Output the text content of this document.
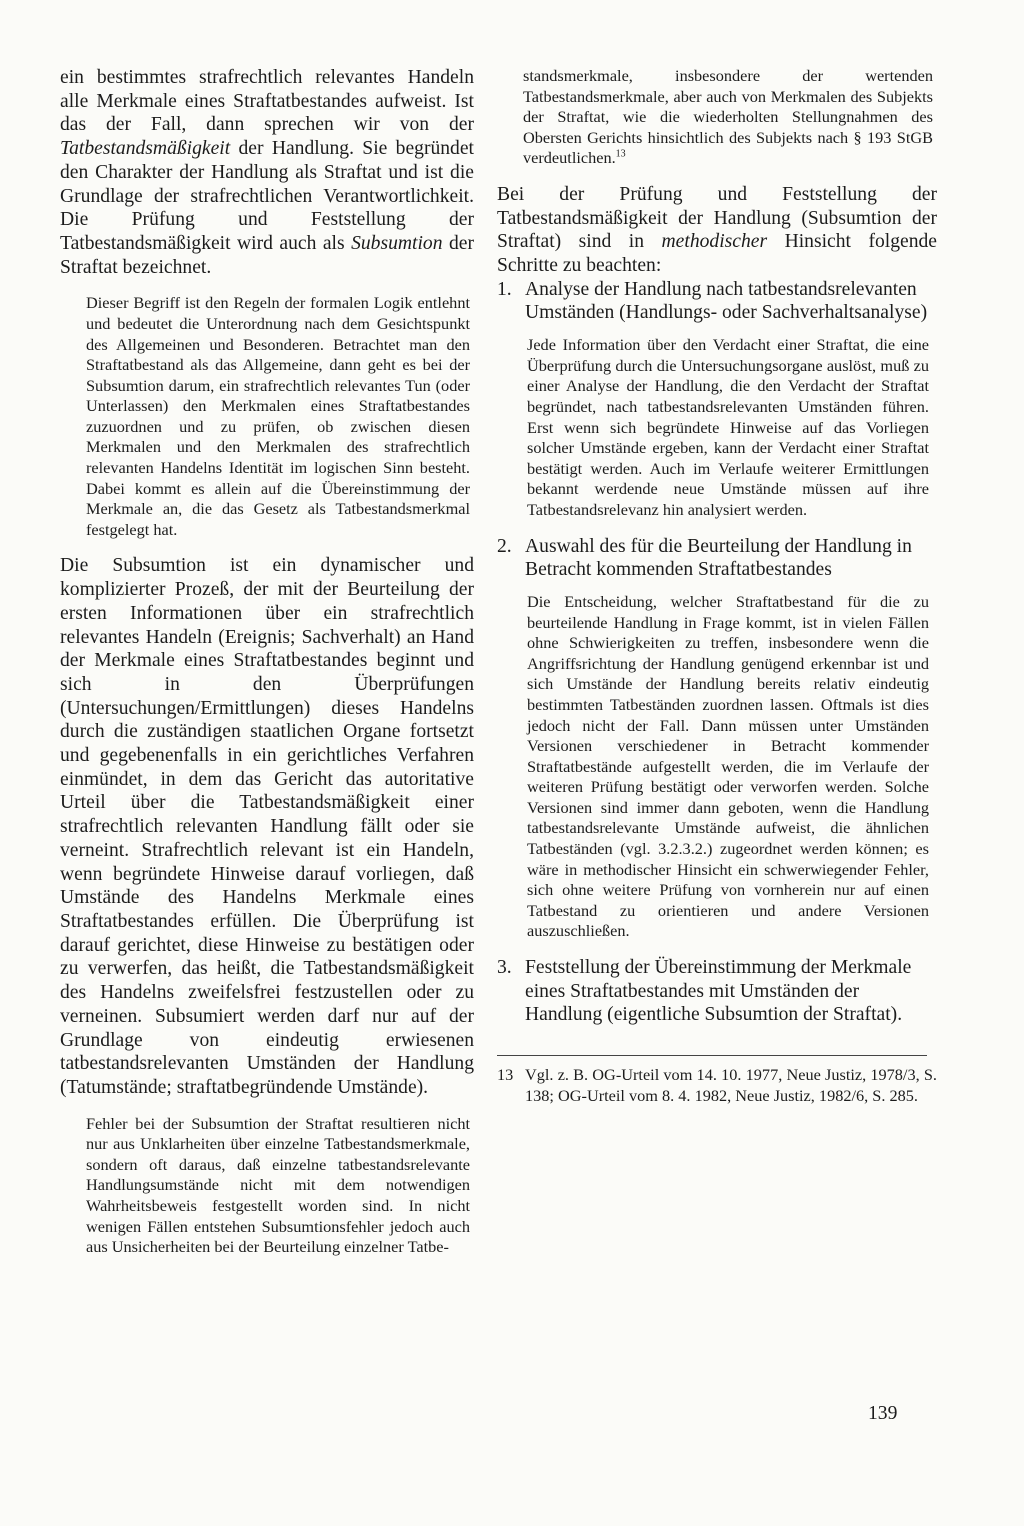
ein bestimmtes strafrechtlich relevantes Handeln alle Merkmale eines Straftatbestandes aufweist. Ist das der Fall, dann sprechen wir von der Tatbestandsmäßigkeit der Handlung. Sie begründet den Charakter der Handlung als Straftat und ist die Grundlage der strafrechtlichen Verantwortlichkeit. Die Prüfung und Feststellung der Tatbestandsmäßigkeit wird auch als Subsumtion der Straftat bezeichnet.

Dieser Begriff ist den Regeln der formalen Logik entlehnt und bedeutet die Unterordnung nach dem Gesichtspunkt des Allgemeinen und Besonderen. Betrachtet man den Straftatbestand als das Allgemeine, dann geht es bei der Subsumtion darum, ein strafrechtlich relevantes Tun (oder Unterlassen) den Merkmalen eines Straftatbestandes zuzuordnen und zu prüfen, ob zwischen diesen Merkmalen und den Merkmalen des strafrechtlich relevanten Handelns Identität im logischen Sinn besteht. Dabei kommt es allein auf die Übereinstimmung der Merkmale an, die das Gesetz als Tatbestandsmerkmal festgelegt hat.

Die Subsumtion ist ein dynamischer und komplizierter Prozeß, der mit der Beurteilung der ersten Informationen über ein strafrechtlich relevantes Handeln (Ereignis; Sachverhalt) an Hand der Merkmale eines Straftatbestandes beginnt und sich in den Überprüfungen (Untersuchungen/Ermittlungen) dieses Handelns durch die zuständigen staatlichen Organe fortsetzt und gegebenenfalls in ein gerichtliches Verfahren einmündet, in dem das Gericht das autoritative Urteil über die Tatbestandsmäßigkeit einer strafrechtlich relevanten Handlung fällt oder sie verneint. Strafrechtlich relevant ist ein Handeln, wenn begründete Hinweise darauf vorliegen, daß Umstände des Handelns Merkmale eines Straftatbestandes erfüllen. Die Überprüfung ist darauf gerichtet, diese Hinweise zu bestätigen oder zu verwerfen, das heißt, die Tatbestandsmäßigkeit des Handelns zweifelsfrei festzustellen oder zu verneinen. Subsumiert werden darf nur auf der Grundlage von eindeutig erwiesenen tatbestandsrelevanten Umständen der Handlung (Tatumstände; straftatbegründende Umstände).

Fehler bei der Subsumtion der Straftat resultieren nicht nur aus Unklarheiten über einzelne Tatbestandsmerkmale, sondern oft daraus, daß einzelne tatbestandsrelevante Handlungsumstände nicht mit dem notwendigen Wahrheitsbeweis festgestellt worden sind. In nicht wenigen Fällen entstehen Subsumtionsfehler jedoch auch aus Unsicherheiten bei der Beurteilung einzelner Tatbe-

standsmerkmale, insbesondere der wertenden Tatbestandsmerkmale, aber auch von Merkmalen des Subjekts der Straftat, wie die wiederholten Stellungnahmen des Obersten Gerichts hinsichtlich des Subjekts nach § 193 StGB verdeutlichen.$^{13}$

Bei der Prüfung und Feststellung der Tatbestandsmäßigkeit der Handlung (Subsumtion der Straftat) sind in methodischer Hinsicht folgende Schritte zu beachten:

1. Analyse der Handlung nach tatbestandsrelevanten Umständen (Handlungs- oder Sachverhaltsanalyse)

Jede Information über den Verdacht einer Straftat, die eine Überprüfung durch die Untersuchungsorgane auslöst, muß zu einer Analyse der Handlung, die den Verdacht der Straftat begründet, nach tatbestandsrelevanten Umständen führen. Erst wenn sich begründete Hinweise auf das Vorliegen solcher Umstände ergeben, kann der Verdacht einer Straftat bestätigt werden. Auch im Verlaufe weiterer Ermittlungen bekannt werdende neue Umstände müssen auf ihre Tatbestandsrelevanz hin analysiert werden.

2. Auswahl des für die Beurteilung der Handlung in Betracht kommenden Straftatbestandes

Die Entscheidung, welcher Straftatbestand für die zu beurteilende Handlung in Frage kommt, ist in vielen Fällen ohne Schwierigkeiten zu treffen, insbesondere wenn die Angriffsrichtung der Handlung genügend erkennbar ist und sich Umstände der Handlung bereits relativ eindeutig bestimmten Tatbeständen zuordnen lassen. Oftmals ist dies jedoch nicht der Fall. Dann müssen unter Umständen Versionen verschiedener in Betracht kommender Straftatbestände aufgestellt werden, die im Verlaufe der weiteren Prüfung bestätigt oder verworfen werden. Solche Versionen sind immer dann geboten, wenn die Handlung tatbestandsrelevante Umstände aufweist, die ähnlichen Tatbeständen (vgl. 3.2.3.2.) zugeordnet werden können; es wäre in methodischer Hinsicht ein schwerwiegender Fehler, sich ohne weitere Prüfung von vornherein nur auf einen Tatbestand zu orientieren und andere Versionen auszuschließen.

3. Feststellung der Übereinstimmung der Merkmale eines Straftatbestandes mit Umständen der Handlung (eigentliche Subsumtion der Straftat).
13 Vgl. z. B. OG-Urteil vom 14. 10. 1977, Neue Justiz, 1978/3, S. 138; OG-Urteil vom 8. 4. 1982, Neue Justiz, 1982/6, S. 285.
139
